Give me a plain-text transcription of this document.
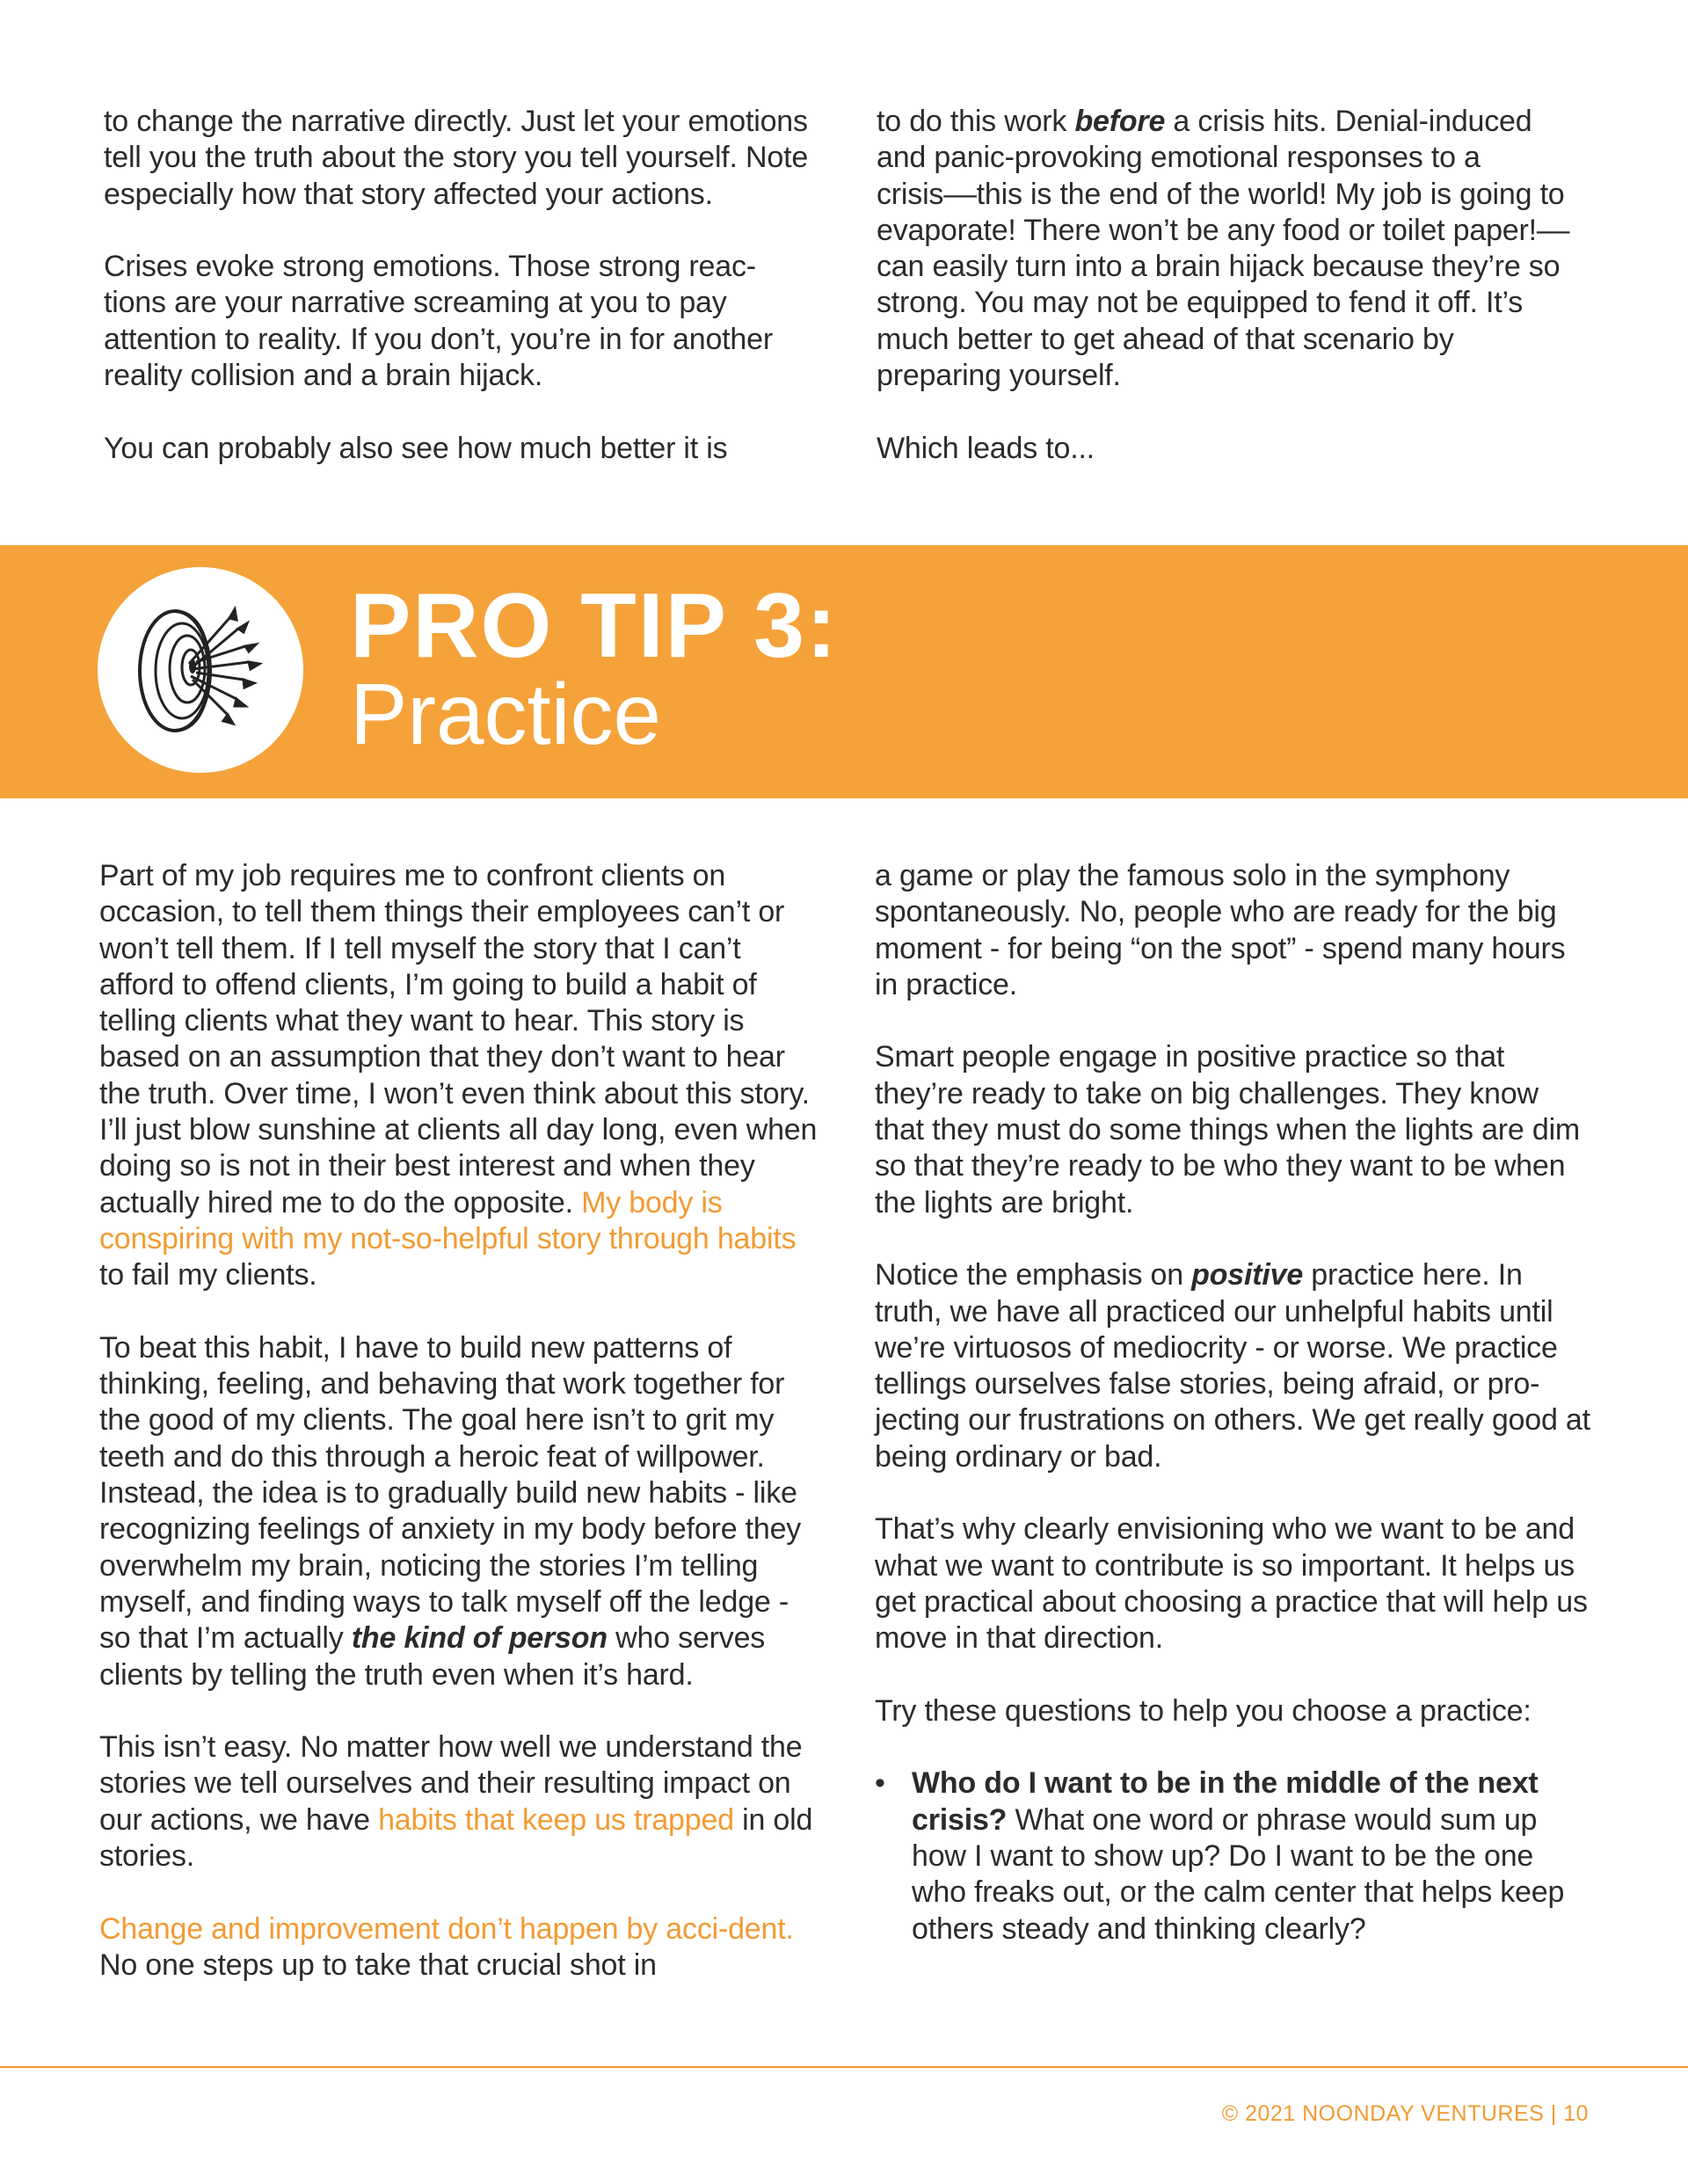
to change the narrative directly. Just let your emotions tell you the truth about the story you tell yourself. Note especially how that story affected your actions.

Crises evoke strong emotions. Those strong reac-tions are your narrative screaming at you to pay attention to reality. If you don’t, you’re in for another reality collision and a brain hijack.

You can probably also see how much better it is

to do this work before a crisis hits. Denial-induced and panic-provoking emotional responses to a crisis––this is the end of the world! My job is going to evaporate! There won’t be any food or toilet paper!–– can easily turn into a brain hijack because they’re so strong. You may not be equipped to fend it off. It’s much better to get ahead of that scenario by preparing yourself.

Which leads to...

PRO TIP 3:
Practice

Part of my job requires me to confront clients on occasion, to tell them things their employees can’t or won’t tell them. If I tell myself the story that I can’t afford to offend clients, I’m going to build a habit of telling clients what they want to hear. This story is based on an assumption that they don’t want to hear the truth. Over time, I won’t even think about this story. I’ll just blow sunshine at clients all day long, even when doing so is not in their best interest and when they actually hired me to do the opposite. My body is conspiring with my not-so-helpful story through habits to fail my clients.

To beat this habit, I have to build new patterns of thinking, feeling, and behaving that work together for the good of my clients. The goal here isn’t to grit my teeth and do this through a heroic feat of willpower. Instead, the idea is to gradually build new habits - like recognizing feelings of anxiety in my body before they overwhelm my brain, noticing the stories I’m telling myself, and finding ways to talk myself off the ledge - so that I’m actually the kind of person who serves clients by telling the truth even when it’s hard.

This isn’t easy. No matter how well we understand the stories we tell ourselves and their resulting impact on our actions, we have habits that keep us trapped in old stories.

Change and improvement don’t happen by acci-dent. No one steps up to take that crucial shot in

a game or play the famous solo in the symphony spontaneously. No, people who are ready for the big moment - for being “on the spot” - spend many hours in practice.

Smart people engage in positive practice so that they’re ready to take on big challenges. They know that they must do some things when the lights are dim so that they’re ready to be who they want to be when the lights are bright.

Notice the emphasis on positive practice here. In truth, we have all practiced our unhelpful habits until we’re virtuosos of mediocrity - or worse. We practice tellings ourselves false stories, being afraid, or pro-jecting our frustrations on others. We get really good at being ordinary or bad.

That’s why clearly envisioning who we want to be and what we want to contribute is so important. It helps us get practical about choosing a practice that will help us move in that direction.

Try these questions to help you choose a practice:

• Who do I want to be in the middle of the next crisis? What one word or phrase would sum up how I want to show up? Do I want to be the one who freaks out, or the calm center that helps keep others steady and thinking clearly?
© 2021 NOONDAY VENTURES | 10
